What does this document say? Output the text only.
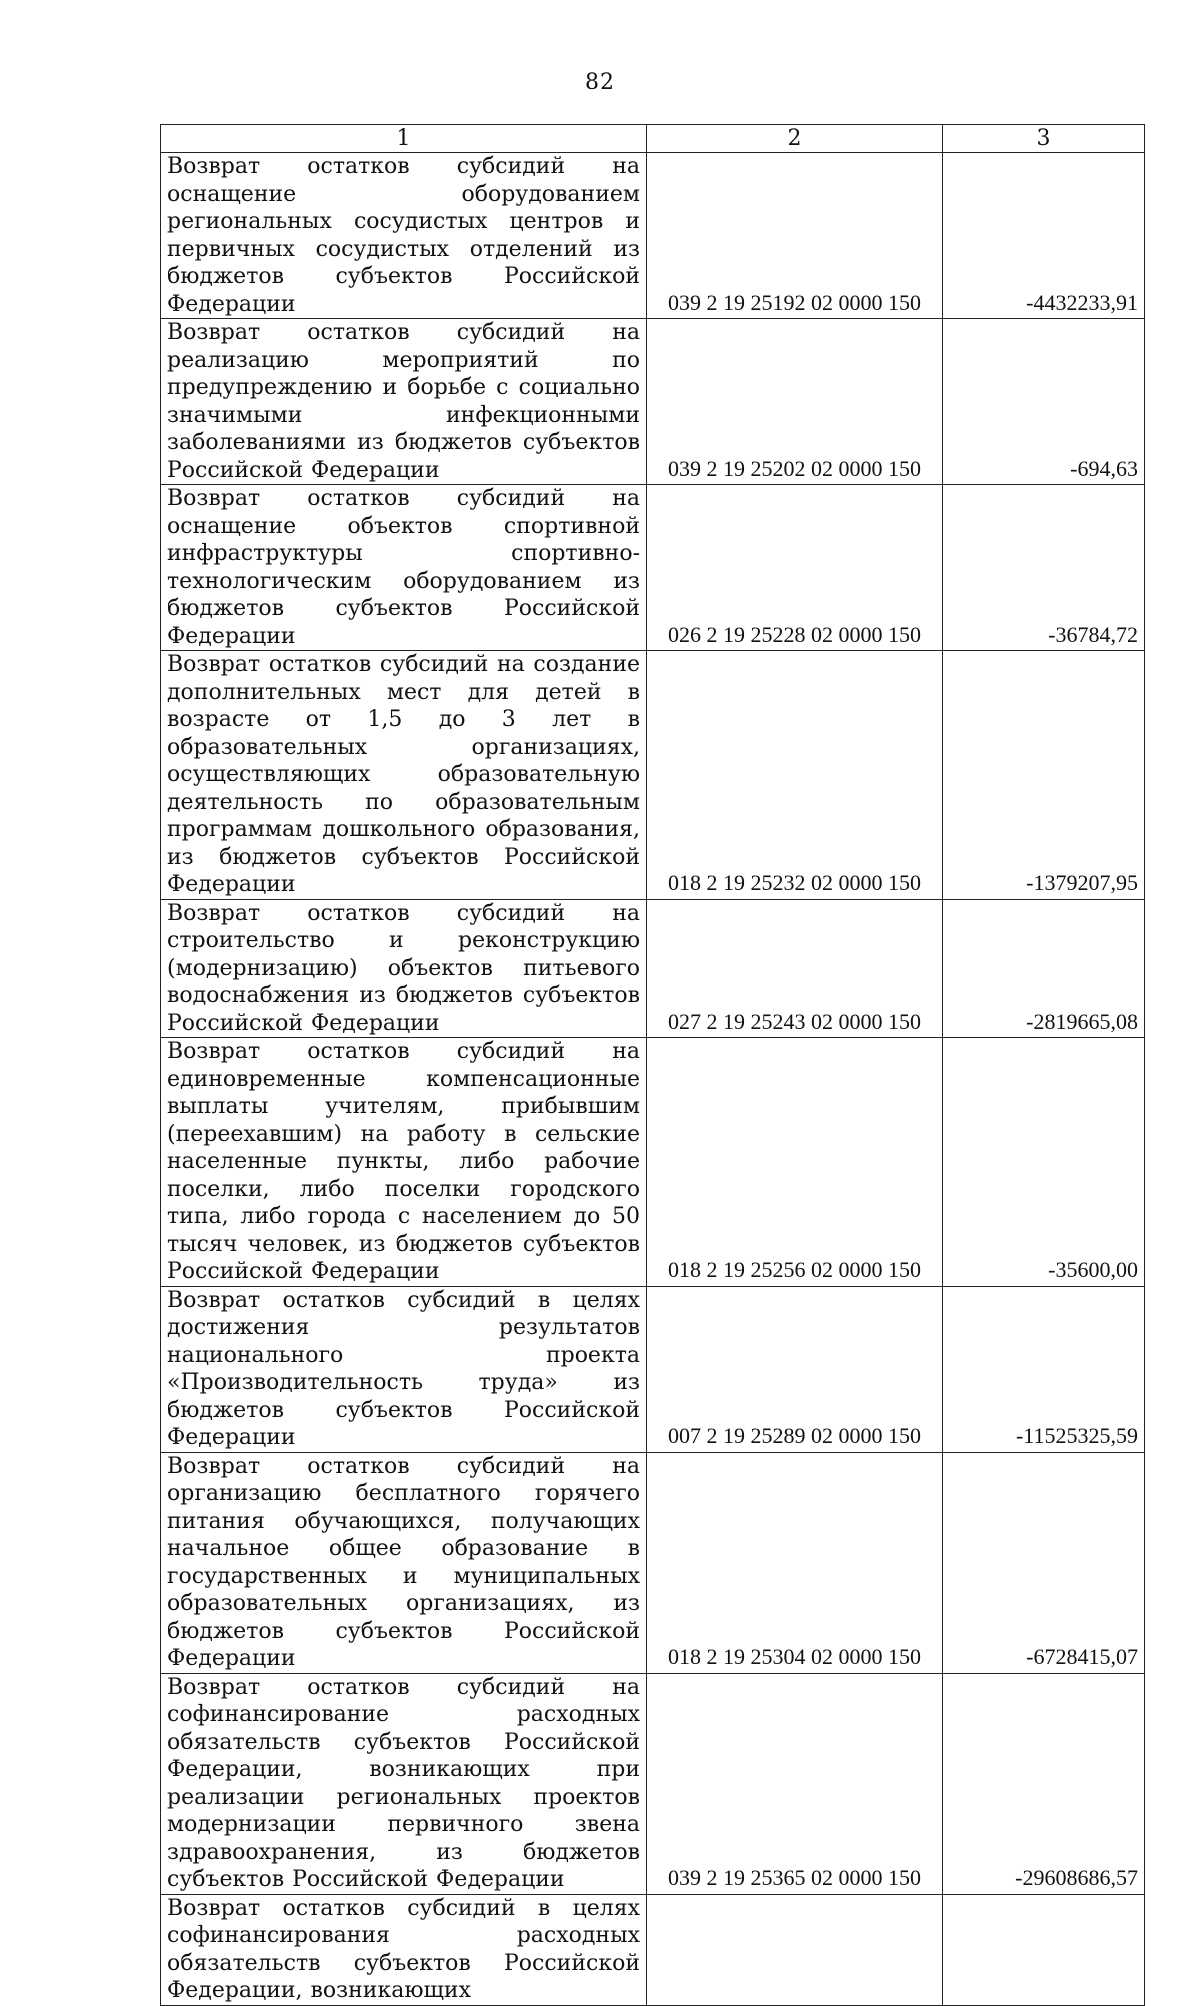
82
1	2	3
Возврат остатков субсидий на оснащение оборудованием региональных сосудистых центров и первичных сосудистых отделений из бюджетов субъектов Российской Федерации	039 2 19 25192 02 0000 150	-4432233,91
Возврат остатков субсидий на реализацию мероприятий по предупреждению и борьбе с социально значимыми инфекционными заболеваниями из бюджетов субъектов Российской Федерации	039 2 19 25202 02 0000 150	-694,63
Возврат остатков субсидий на оснащение объектов спортивной инфраструктуры спортивно-технологическим оборудованием из бюджетов субъектов Российской Федерации	026 2 19 25228 02 0000 150	-36784,72
Возврат остатков субсидий на создание дополнительных мест для детей в возрасте от 1,5 до 3 лет в образовательных организациях, осуществляющих образовательную деятельность по образовательным программам дошкольного образования, из бюджетов субъектов Российской Федерации	018 2 19 25232 02 0000 150	-1379207,95
Возврат остатков субсидий на строительство и реконструкцию (модернизацию) объектов питьевого водоснабжения из бюджетов субъектов Российской Федерации	027 2 19 25243 02 0000 150	-2819665,08
Возврат остатков субсидий на единовременные компенсационные выплаты учителям, прибывшим (переехавшим) на работу в сельские населенные пункты, либо рабочие поселки, либо поселки городского типа, либо города с населением до 50 тысяч человек, из бюджетов субъектов Российской Федерации	018 2 19 25256 02 0000 150	-35600,00
Возврат остатков субсидий в целях достижения результатов национального проекта «Производительность труда» из бюджетов субъектов Российской Федерации	007 2 19 25289 02 0000 150	-11525325,59
Возврат остатков субсидий на организацию бесплатного горячего питания обучающихся, получающих начальное общее образование в государственных и муниципальных образовательных организациях, из бюджетов субъектов Российской Федерации	018 2 19 25304 02 0000 150	-6728415,07
Возврат остатков субсидий на софинансирование расходных обязательств субъектов Российской Федерации, возникающих при реализации региональных проектов модернизации первичного звена здравоохранения, из бюджетов субъектов Российской Федерации	039 2 19 25365 02 0000 150	-29608686,57
Возврат остатков субсидий в целях софинансирования расходных обязательств субъектов Российской Федерации, возникающих		
